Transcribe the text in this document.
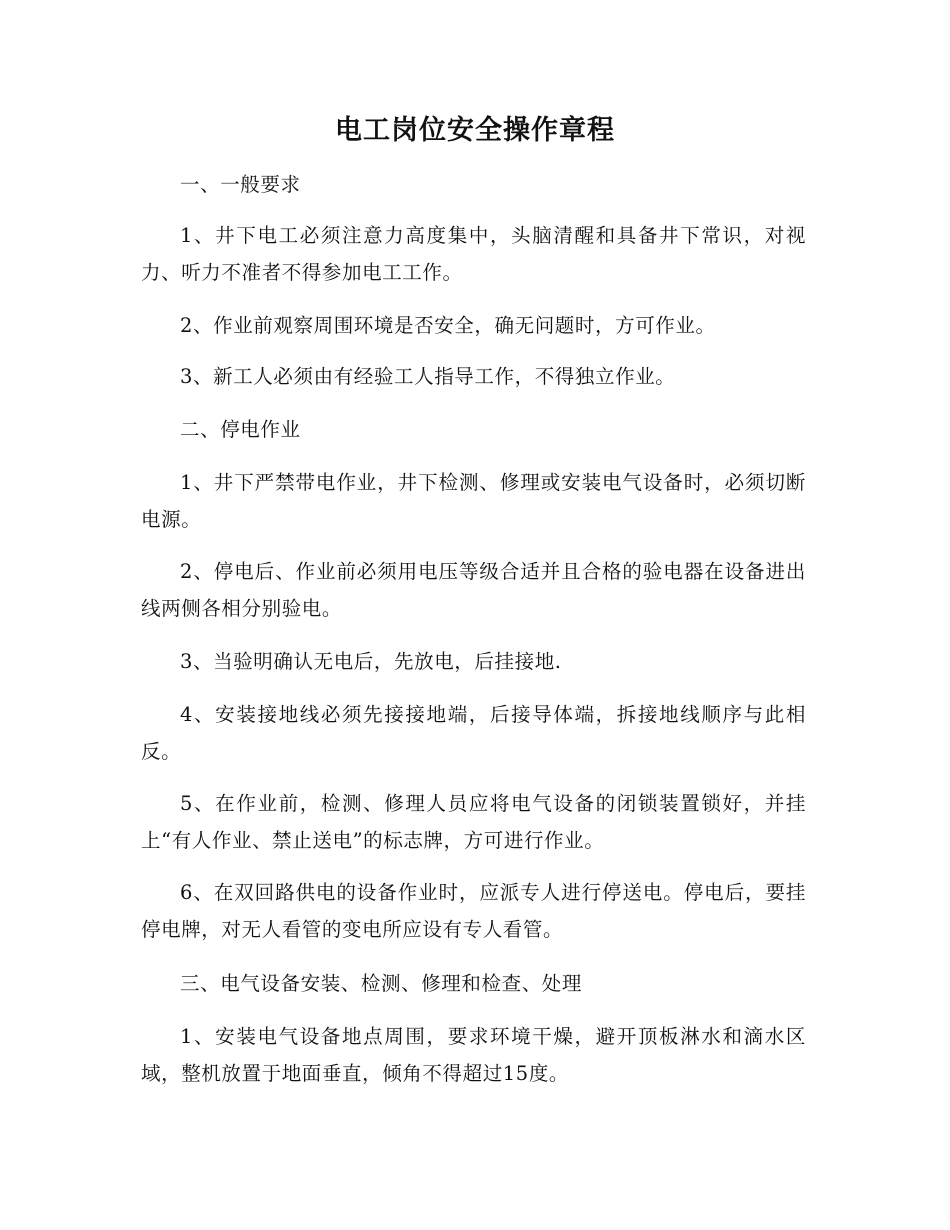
电工岗位安全操作章程

一、一般要求

1、井下电工必须注意力高度集中，头脑清醒和具备井下常识，对视力、听力不准者不得参加电工工作。

2、作业前观察周围环境是否安全，确无问题时，方可作业。

3、新工人必须由有经验工人指导工作，不得独立作业。

二、停电作业

1、井下严禁带电作业，井下检测、修理或安装电气设备时，必须切断电源。

2、停电后、作业前必须用电压等级合适并且合格的验电器在设备进出线两侧各相分别验电。

3、当验明确认无电后，先放电，后挂接地.

4、安装接地线必须先接接地端，后接导体端，拆接地线顺序与此相反。

5、在作业前，检测、修理人员应将电气设备的闭锁装置锁好，并挂上“有人作业、禁止送电”的标志牌，方可进行作业。

6、在双回路供电的设备作业时，应派专人进行停送电。停电后，要挂停电牌，对无人看管的变电所应设有专人看管。

三、电气设备安装、检测、修理和检查、处理

1、安装电气设备地点周围，要求环境干燥，避开顶板淋水和滴水区域，整机放置于地面垂直，倾角不得超过15度。
